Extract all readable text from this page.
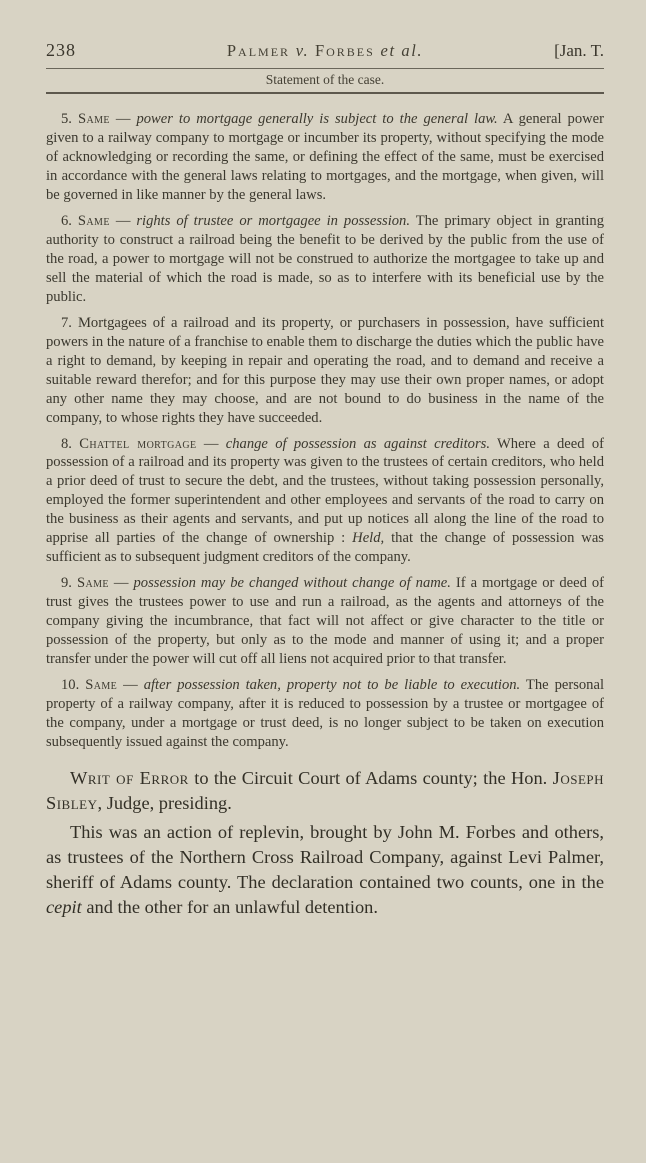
238	Palmer v. Forbes et al.	[Jan. T.
Statement of the case.

5. Same — power to mortgage generally is subject to the general law. A general power given to a railway company to mortgage or incumber its property, without specifying the mode of acknowledging or recording the same, or defining the effect of the same, must be exercised in accordance with the general laws relating to mortgages, and the mortgage, when given, will be governed in like manner by the general laws.

6. Same — rights of trustee or mortgagee in possession. The primary object in granting authority to construct a railroad being the benefit to be derived by the public from the use of the road, a power to mortgage will not be construed to authorize the mortgagee to take up and sell the material of which the road is made, so as to interfere with its beneficial use by the public.

7. Mortgagees of a railroad and its property, or purchasers in possession, have sufficient powers in the nature of a franchise to enable them to discharge the duties which the public have a right to demand, by keeping in repair and operating the road, and to demand and receive a suitable reward therefor; and for this purpose they may use their own proper names, or adopt any other name they may choose, and are not bound to do business in the name of the company, to whose rights they have succeeded.

8. Chattel mortgage — change of possession as against creditors. Where a deed of possession of a railroad and its property was given to the trustees of certain creditors, who held a prior deed of trust to secure the debt, and the trustees, without taking possession personally, employed the former superintendent and other employees and servants of the road to carry on the business as their agents and servants, and put up notices all along the line of the road to apprise all parties of the change of ownership : Held, that the change of possession was sufficient as to subsequent judgment creditors of the company.

9. Same — possession may be changed without change of name. If a mortgage or deed of trust gives the trustees power to use and run a railroad, as the agents and attorneys of the company giving the incumbrance, that fact will not affect or give character to the title or possession of the property, but only as to the mode and manner of using it; and a proper transfer under the power will cut off all liens not acquired prior to that transfer.

10. Same — after possession taken, property not to be liable to execution. The personal property of a railway company, after it is reduced to possession by a trustee or mortgagee of the company, under a mortgage or trust deed, is no longer subject to be taken on execution subsequently issued against the company.

Writ of Error to the Circuit Court of Adams county; the Hon. Joseph Sibley, Judge, presiding.

This was an action of replevin, brought by John M. Forbes and others, as trustees of the Northern Cross Railroad Company, against Levi Palmer, sheriff of Adams county. The declaration contained two counts, one in the cepit and the other for an unlawful detention.
